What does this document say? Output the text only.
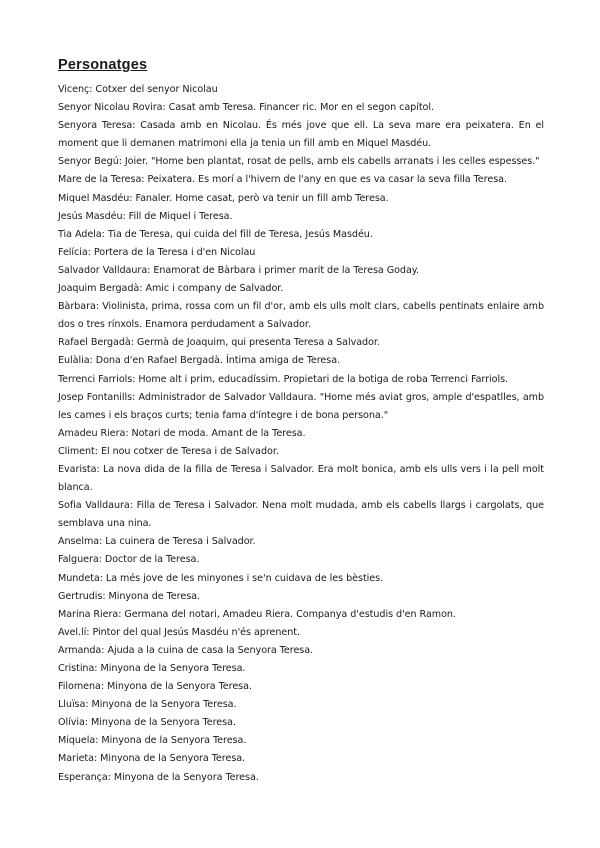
Personatges
Vicenç: Cotxer del senyor Nicolau
Senyor Nicolau Rovira: Casat amb Teresa. Financer ric. Mor en el segon capítol.
Senyora Teresa: Casada amb en Nicolau. És més jove que ell. La seva mare era peixatera. En el moment que li demanen matrimoni ella ja tenia un fill amb en Miquel Masdéu.
Senyor Begú: Joier. "Home ben plantat, rosat de pells, amb els cabells arranats i les celles espesses."
Mare de la Teresa: Peixatera. Es morí a l'hivern de l'any en que es va casar la seva filla Teresa.
Miquel Masdéu: Fanaler. Home casat, però va tenir un fill amb Teresa.
Jesús Masdéu: Fill de Miquel i Teresa.
Tia Adela: Tia de Teresa, qui cuida del fill de Teresa, Jesús Masdéu.
Felícia: Portera de la Teresa i d'en Nicolau
Salvador Valldaura: Enamorat de Bàrbara i primer marit de la Teresa Goday.
Joaquim Bergadà: Amic i company de Salvador.
Bàrbara: Violinista, prima, rossa com un fil d'or, amb els ulls molt clars, cabells pentinats enlaire amb dos o tres rínxols. Enamora perdudament a Salvador.
Rafael Bergadà: Germà de Joaquim, qui presenta Teresa a Salvador.
Eulàlia: Dona d'en Rafael Bergadà. Íntima amiga de Teresa.
Terrenci Farriols: Home alt i prim, educadíssim. Propietari de la botiga de roba Terrenci Farriols.
Josep Fontanills: Administrador de Salvador Valldaura. "Home més aviat gros, ample d'espatlles, amb les cames i els braços curts; tenia fama d'íntegre i de bona persona."
Amadeu Riera: Notari de moda. Amant de la Teresa.
Climent: El nou cotxer de Teresa i de Salvador.
Evarista: La nova dida de la filla de Teresa i Salvador. Era molt bonica, amb els ulls vers i la pell molt blanca.
Sofia Valldaura: Filla de Teresa i Salvador. Nena molt mudada, amb els cabells llargs i cargolats, que semblava una nina.
Anselma: La cuinera de Teresa i Salvador.
Falguera: Doctor de la Teresa.
Mundeta: La més jove de les minyones i se'n cuidava de les bèsties.
Gertrudis: Minyona de Teresa.
Marina Riera: Germana del notari, Amadeu Riera. Companya d'estudis d'en Ramon.
Avel.lí: Pintor del qual Jesús Masdéu n'és aprenent.
Armanda: Ajuda a la cuina de casa la Senyora Teresa.
Cristina: Minyona de la Senyora Teresa.
Filomena: Minyona de la Senyora Teresa.
Lluïsa: Minyona de la Senyora Teresa.
Olívia: Minyona de la Senyora Teresa.
Miquela: Minyona de la Senyora Teresa.
Marieta: Minyona de la Senyora Teresa.
Esperança: Minyona de la Senyora Teresa.
